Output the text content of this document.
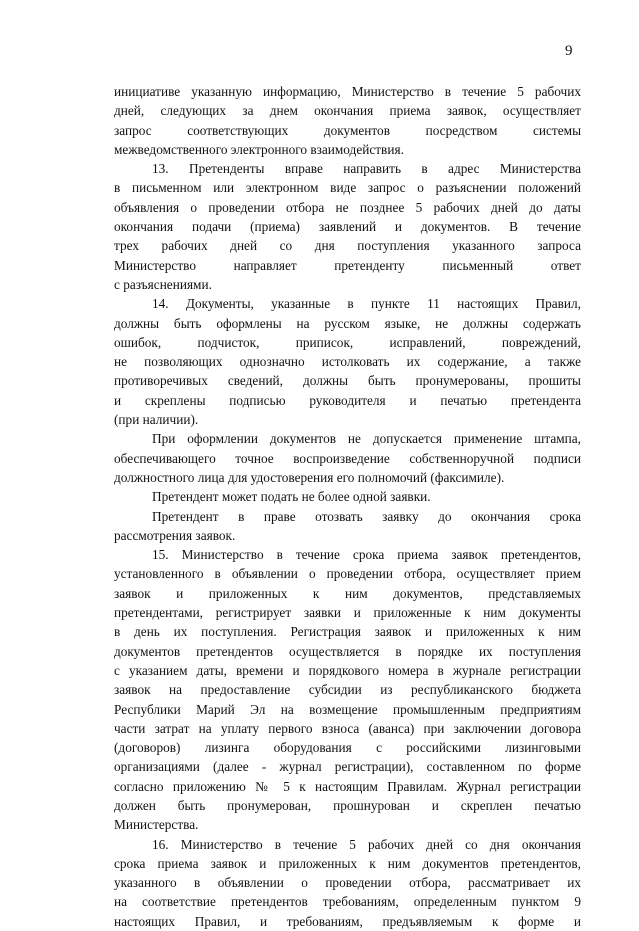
9
инициативе указанную информацию, Министерство в течение 5 рабочих
дней, следующих за днем окончания приема заявок, осуществляет
запрос соответствующих документов посредством системы
межведомственного электронного взаимодействия.
13. Претенденты вправе направить в адрес Министерства
в письменном или электронном виде запрос о разъяснении положений
объявления о проведении отбора не позднее 5 рабочих дней до даты
окончания подачи (приема) заявлений и документов. В течение
трех рабочих дней со дня поступления указанного запроса
Министерство направляет претенденту письменный ответ
с разъяснениями.
14. Документы, указанные в пункте 11 настоящих Правил,
должны быть оформлены на русском языке, не должны содержать
ошибок, подчисток, приписок, исправлений, повреждений,
не позволяющих однозначно истолковать их содержание, а также
противоречивых сведений, должны быть пронумерованы, прошиты
и скреплены подписью руководителя и печатью претендента
(при наличии).
При оформлении документов не допускается применение штампа,
обеспечивающего точное воспроизведение собственноручной подписи
должностного лица для удостоверения его полномочий (факсимиле).
Претендент может подать не более одной заявки.
Претендент в праве отозвать заявку до окончания срока
рассмотрения заявок.
15. Министерство в течение срока приема заявок претендентов,
установленного в объявлении о проведении отбора, осуществляет прием
заявок и приложенных к ним документов, представляемых
претендентами, регистрирует заявки и приложенные к ним документы
в день их поступления. Регистрация заявок и приложенных к ним
документов претендентов осуществляется в порядке их поступления
с указанием даты, времени и порядкового номера в журнале регистрации
заявок на предоставление субсидии из республиканского бюджета
Республики Марий Эл на возмещение промышленным предприятиям
части затрат на уплату первого взноса (аванса) при заключении договора
(договоров) лизинга оборудования с российскими лизинговыми
организациями (далее - журнал регистрации), составленном по форме
согласно приложению № 5 к настоящим Правилам. Журнал регистрации
должен быть пронумерован, прошнурован и скреплен печатью
Министерства.
16. Министерство в течение 5 рабочих дней со дня окончания
срока приема заявок и приложенных к ним документов претендентов,
указанного в объявлении о проведении отбора, рассматривает их
на соответствие претендентов требованиям, определенным пунктом 9
настоящих Правил, и требованиям, предъявляемым к форме и
